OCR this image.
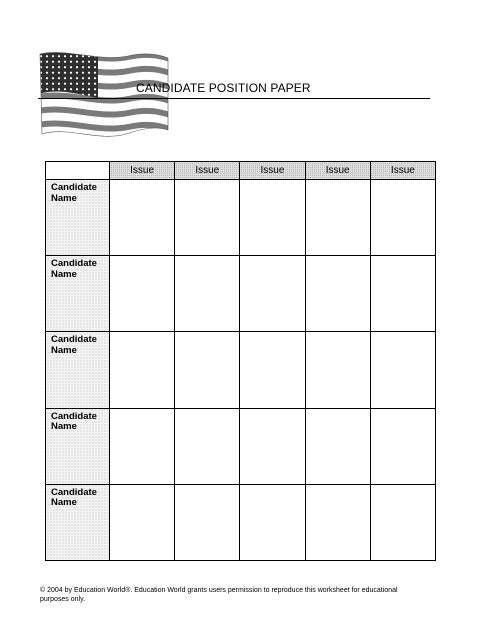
CANDIDATE POSITION PAPER
	Issue	Issue	Issue	Issue	Issue

Candidate
Name					

Candidate
Name					

Candidate
Name					

Candidate
Name					

Candidate
Name					

© 2004 by Education World®. Education World grants users permission to reproduce this worksheet for educational
purposes only.
